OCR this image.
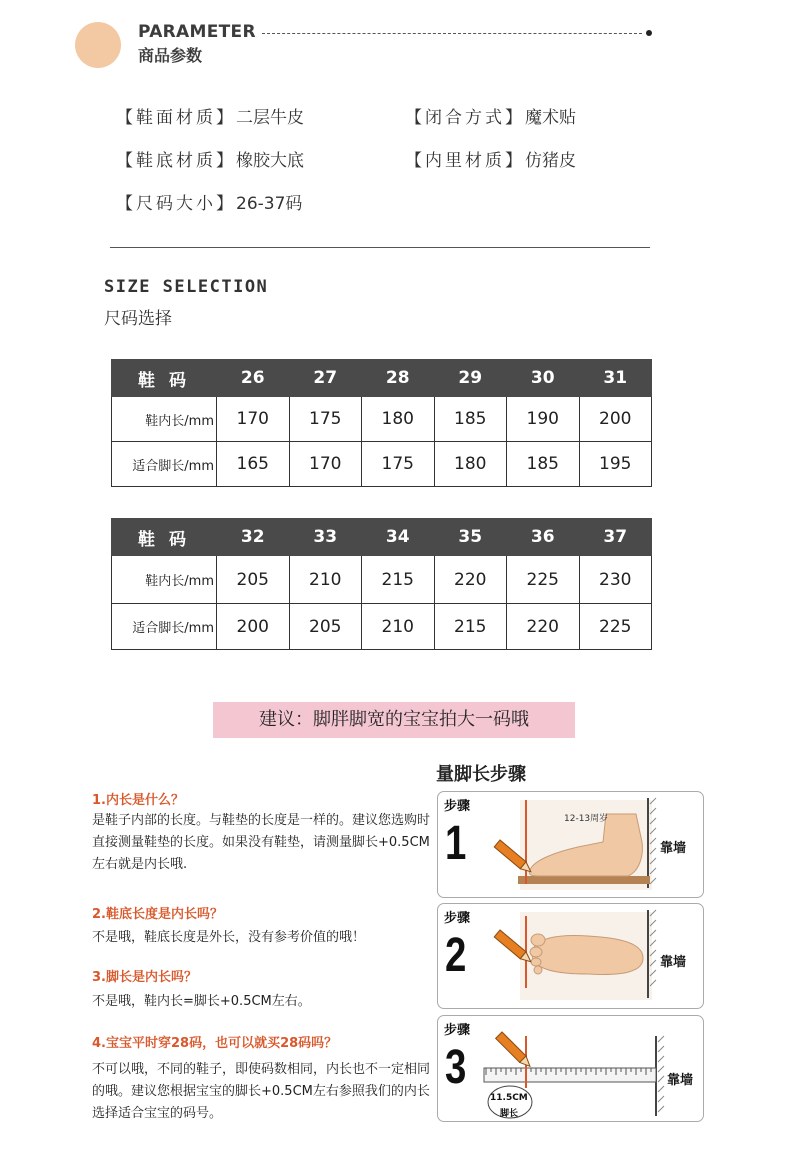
PARAMETER
商品参数
【鞋面材质】二层牛皮	【闭合方式】魔术贴
【鞋底材质】橡胶大底	【内里材质】仿猪皮
【尺码大小】26-37码
SIZE SELECTION
尺码选择
鞋 码	26	27	28	29	30	31
鞋内长/mm	170	175	180	185	190	200
适合脚长/mm	165	170	175	180	185	195
鞋 码	32	33	34	35	36	37
鞋内长/mm	205	210	215	220	225	230
适合脚长/mm	200	205	210	215	220	225
建议：脚胖脚宽的宝宝拍大一码哦
量脚长步骤
1.内长是什么？
是鞋子内部的长度。与鞋垫的长度是一样的。建议您选购时直接测量鞋垫的长度。如果没有鞋垫，请测量脚长+0.5CM左右就是内长哦.
2.鞋底长度是内长吗？
不是哦，鞋底长度是外长，没有参考价值的哦！
3.脚长是内长吗？
不是哦，鞋内长=脚长+0.5CM左右。
4.宝宝平时穿28码，也可以就买28码吗？
不可以哦，不同的鞋子，即使码数相同，内长也不一定相同的哦。建议您根据宝宝的脚长+0.5CM左右参照我们的内长选择适合宝宝的码号。
步骤
1	12-13周岁
靠墙
步骤
2	靠墙
步骤
3
11.5CM
脚长
靠墙
